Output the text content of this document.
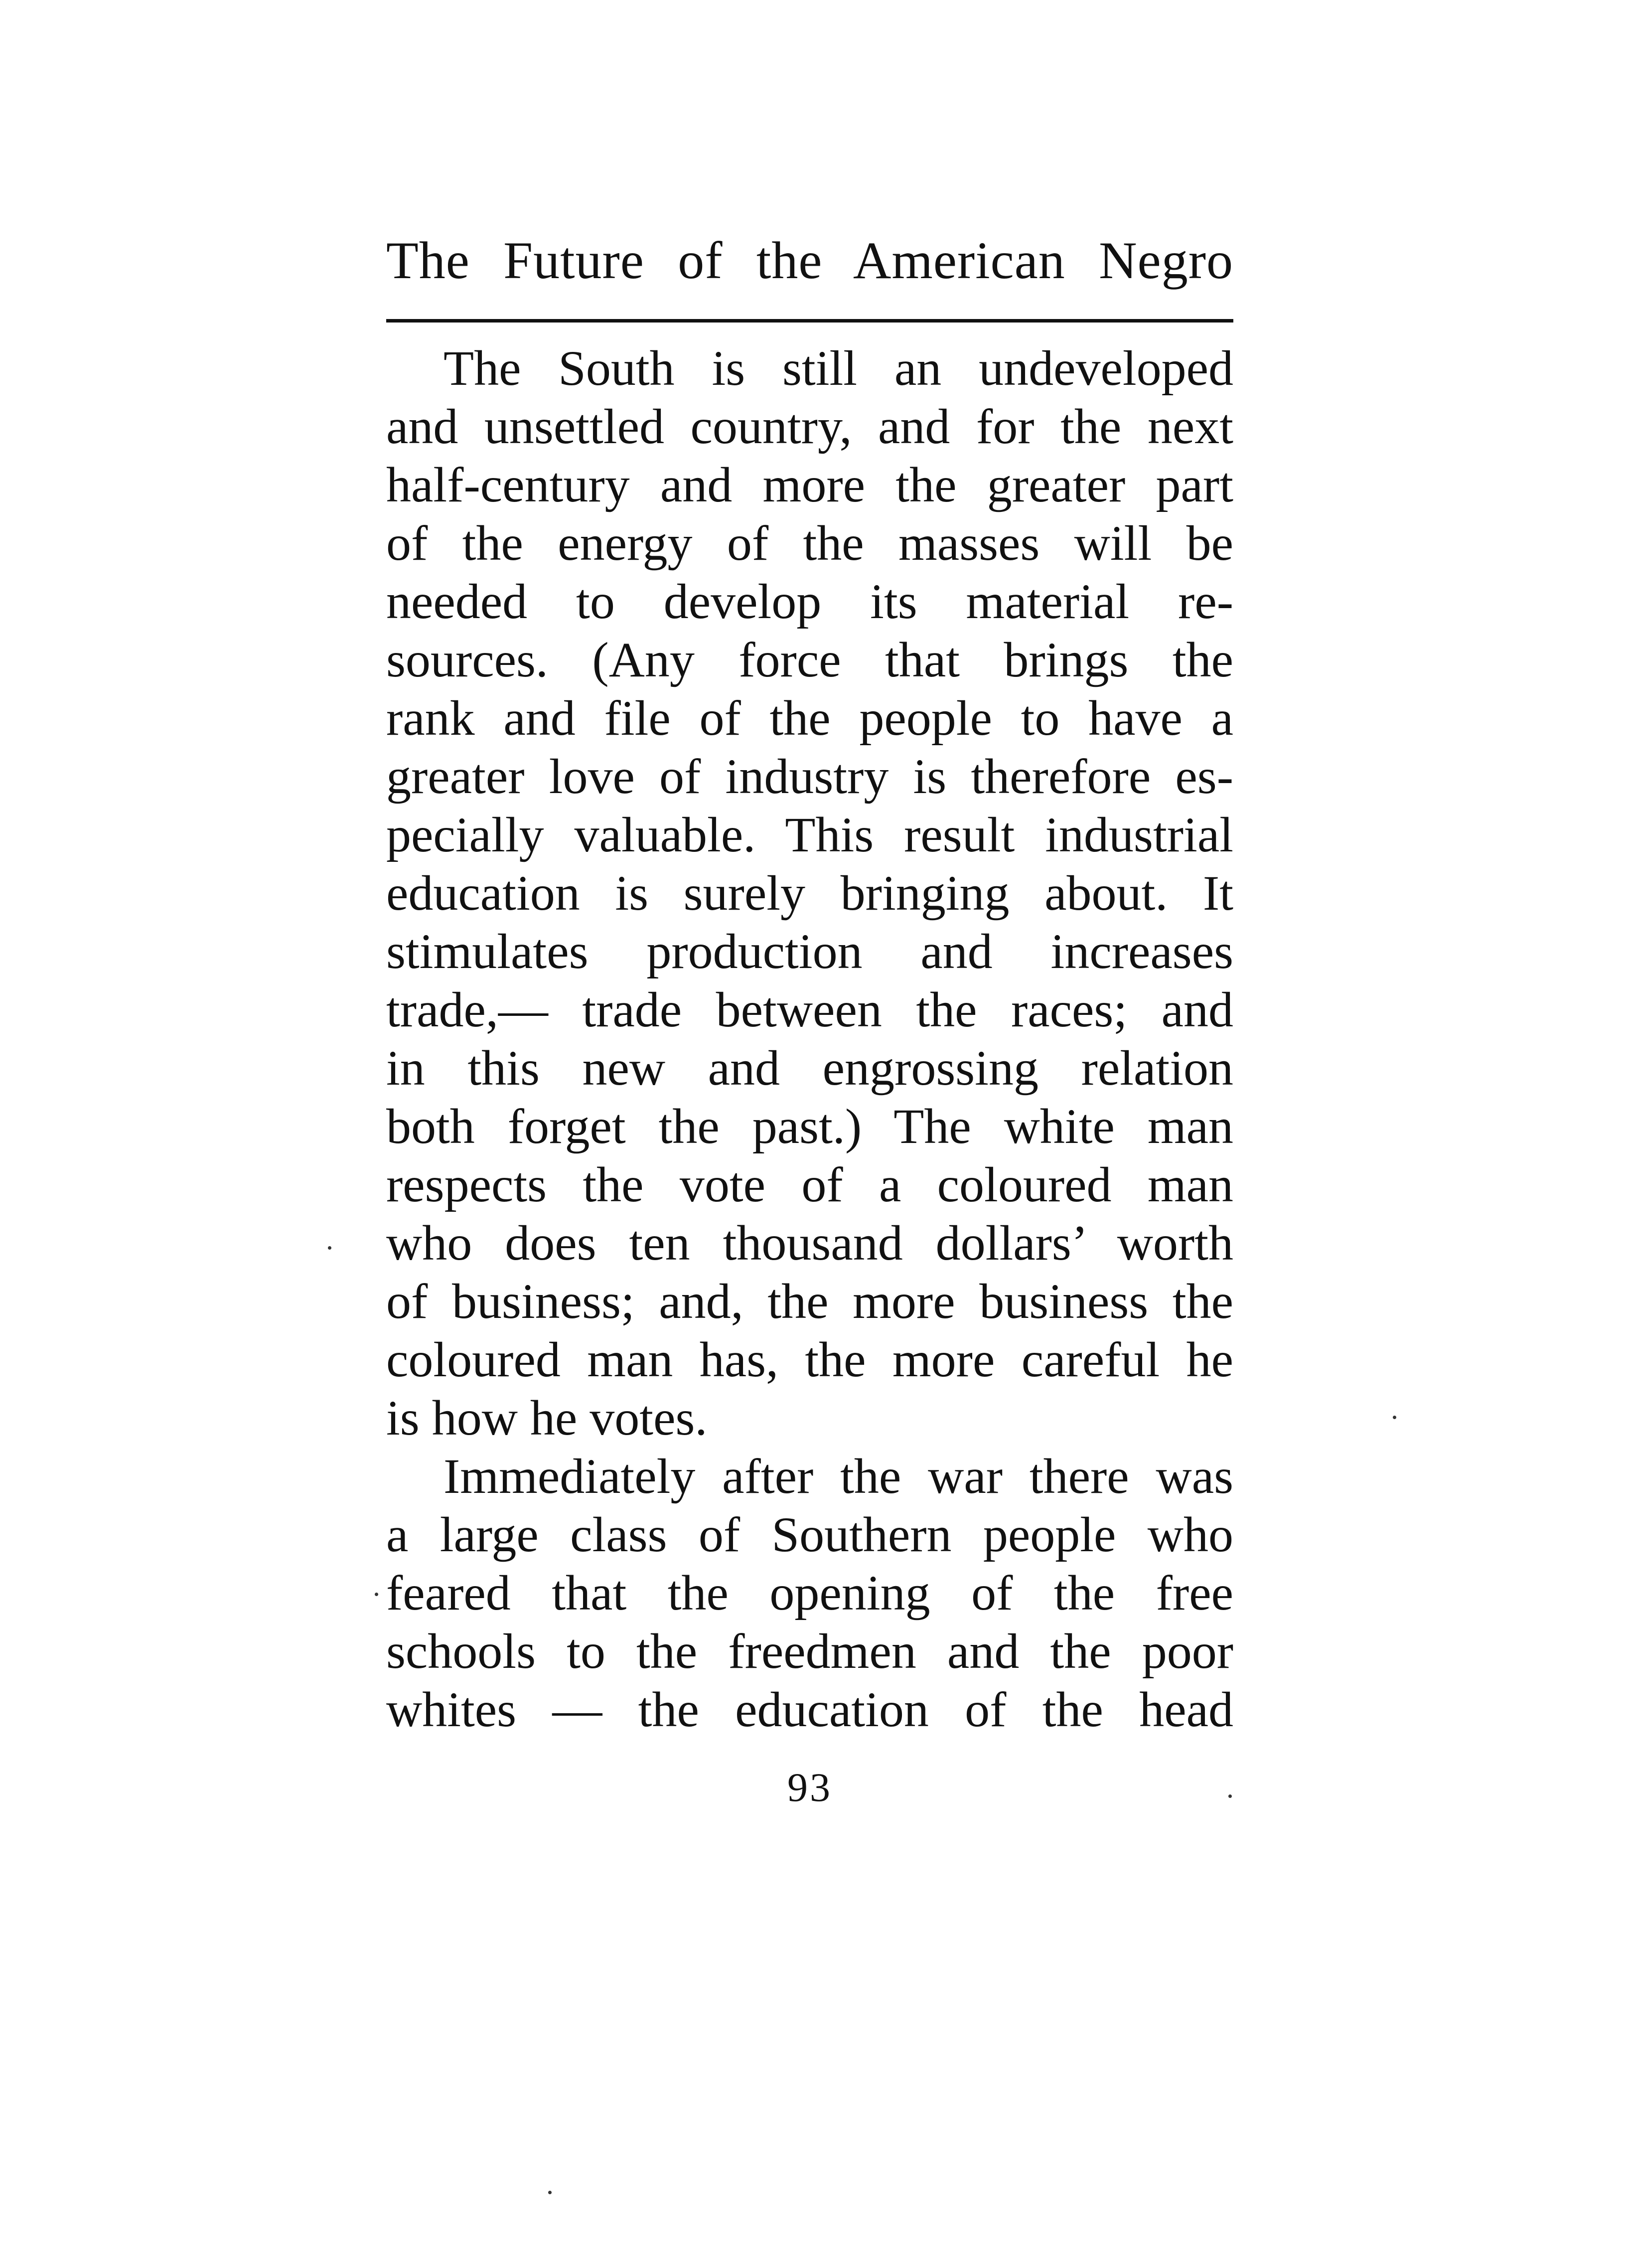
The Future of the American Negro
The South is still an undeveloped
and unsettled country, and for the next
half-century and more the greater part
of the energy of the masses will be
needed to develop its material re-
sources. (Any force that brings the
rank and file of the people to have a
greater love of industry is therefore es-
pecially valuable. This result industrial
education is surely bringing about. It
stimulates production and increases
trade,— trade between the races; and
in this new and engrossing relation
both forget the past.) The white man
respects the vote of a coloured man
who does ten thousand dollars’ worth
of business; and, the more business the
coloured man has, the more careful he
is how he votes.
Immediately after the war there was
a large class of Southern people who
feared that the opening of the free
schools to the freedmen and the poor
whites — the education of the head
93
